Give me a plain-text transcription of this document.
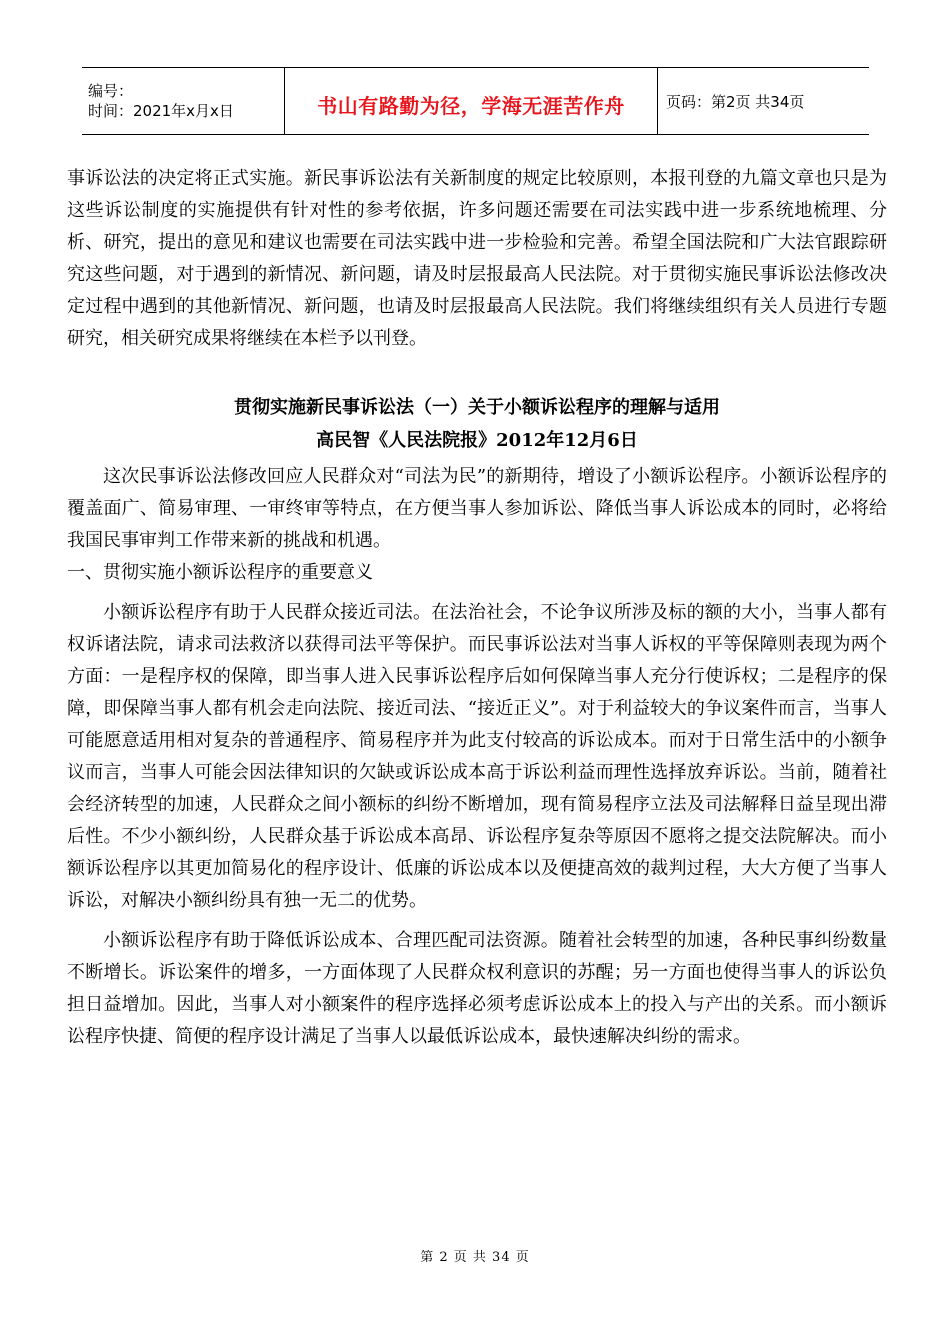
编号：
时间：2021年x月x日	书山有路勤为径，学海无涯苦作舟	页码：第2页 共34页

事诉讼法的决定将正式实施。新民事诉讼法有关新制度的规定比较原则，本报刊登的九篇文章也只是为这些诉讼制度的实施提供有针对性的参考依据，许多问题还需要在司法实践中进一步系统地梳理、分析、研究，提出的意见和建议也需要在司法实践中进一步检验和完善。希望全国法院和广大法官跟踪研究这些问题，对于遇到的新情况、新问题，请及时层报最高人民法院。对于贯彻实施民事诉讼法修改决定过程中遇到的其他新情况、新问题，也请及时层报最高人民法院。我们将继续组织有关人员进行专题研究，相关研究成果将继续在本栏予以刊登。

贯彻实施新民事诉讼法（一）关于小额诉讼程序的理解与适用

高民智《人民法院报》2012年12月6日

这次民事诉讼法修改回应人民群众对“司法为民”的新期待，增设了小额诉讼程序。小额诉讼程序的覆盖面广、简易审理、一审终审等特点，在方便当事人参加诉讼、降低当事人诉讼成本的同时，必将给我国民事审判工作带来新的挑战和机遇。

一、贯彻实施小额诉讼程序的重要意义

小额诉讼程序有助于人民群众接近司法。在法治社会，不论争议所涉及标的额的大小，当事人都有权诉诸法院，请求司法救济以获得司法平等保护。而民事诉讼法对当事人诉权的平等保障则表现为两个方面：一是程序权的保障，即当事人进入民事诉讼程序后如何保障当事人充分行使诉权；二是程序的保障，即保障当事人都有机会走向法院、接近司法、“接近正义”。对于利益较大的争议案件而言，当事人可能愿意适用相对复杂的普通程序、简易程序并为此支付较高的诉讼成本。而对于日常生活中的小额争议而言，当事人可能会因法律知识的欠缺或诉讼成本高于诉讼利益而理性选择放弃诉讼。当前，随着社会经济转型的加速，人民群众之间小额标的纠纷不断增加，现有简易程序立法及司法解释日益呈现出滞后性。不少小额纠纷，人民群众基于诉讼成本高昂、诉讼程序复杂等原因不愿将之提交法院解决。而小额诉讼程序以其更加简易化的程序设计、低廉的诉讼成本以及便捷高效的裁判过程，大大方便了当事人诉讼，对解决小额纠纷具有独一无二的优势。

小额诉讼程序有助于降低诉讼成本、合理匹配司法资源。随着社会转型的加速，各种民事纠纷数量不断增长。诉讼案件的增多，一方面体现了人民群众权利意识的苏醒；另一方面也使得当事人的诉讼负担日益增加。因此，当事人对小额案件的程序选择必须考虑诉讼成本上的投入与产出的关系。而小额诉讼程序快捷、简便的程序设计满足了当事人以最低诉讼成本，最快速解决纠纷的需求。

第 2 页 共 34 页
